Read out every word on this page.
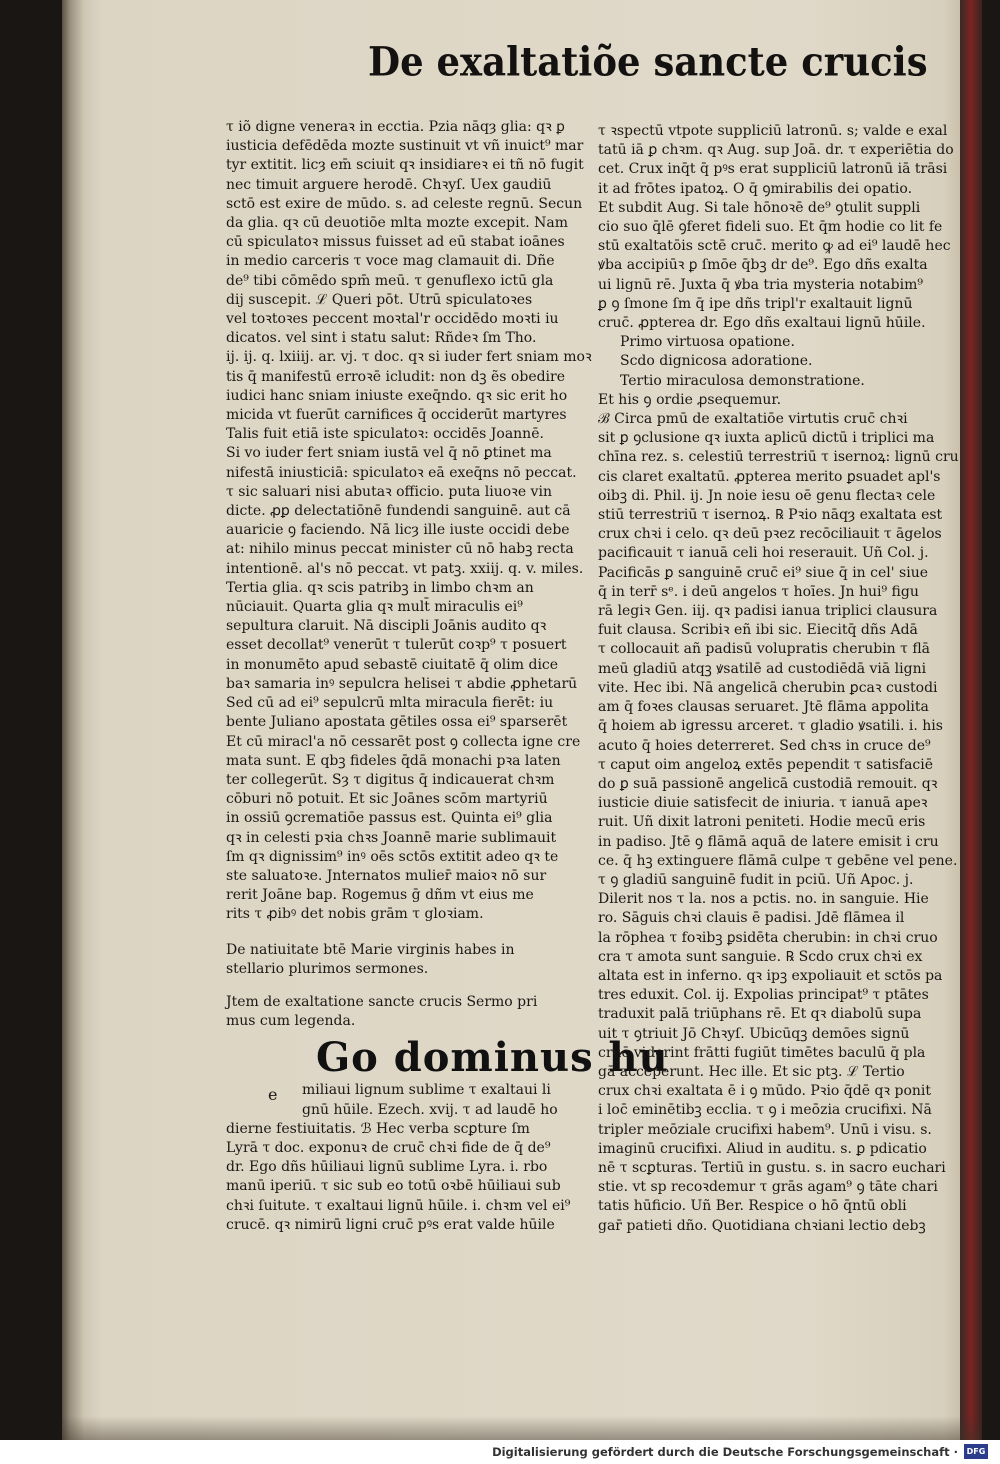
De exaltatiõe sancte crucis

τ iõ digne veneraꝛ in ecctia. Pzia nāqȝ glia: qꝛ ꝑ

iusticia defēdēda mozte sustinuit vt vñ inuict⁹ mar

tyr extitit. licȝ em̄ sciuit qꝛ insidiareꝛ ei tñ nō fugit

nec timuit arguere herodē. Chꝛyſ. Uex gaudiū

sctō est exire de mūdo. s. ad celeste regnū. Secun

da glia. qꝛ cū deuotiōe mlta mozte excepit. Nam

cū spiculatoꝛ missus fuisset ad eū stabat ioānes

in medio carceris τ voce mag clamauit di. Dñe

de⁹ tibi cōmēdo spm̄ meū. τ genuflexo ictū gla

dij suscepit. ℒ Queri pōt. Utrū spiculatoꝛes

vel toꝛtoꝛes peccent moꝛtal'r occidēdo moꝛti iu

dicatos. vel sint i statu salut: Rñdeꝛ ſm Tho.

ij. ij. q. lxiiij. ar. vj. τ doc. qꝛ si iuder fert sniam moꝛ

tis q̄ manifestū erroꝛē icludit: non dꝫ ẽs obedire

iudici hanc sniam iniuste exeq̄ndo. qꝛ sic erit ho

micida vt fuerūt carnifices q̄ occiderūt martyres

Talis fuit etiā iste spiculatoꝛ: occidēs Joannē.

Si vo iuder fert sniam iustā vel q̄ nō ꝑtinet ma

nifestā iniusticiā: spiculatoꝛ eā exeq̄ns nō peccat.

τ sic saluari nisi abutaꝛ officio. puta liuoꝛe vin

dicte. ꝓꝑ delectatiōnē fundendi sanguinē. aut cā

auaricie ꝯ faciendo. Nā licȝ ille iuste occidi debe

at: nihilo minus peccat minister cū nō habꝫ recta

intentionē. al's nō peccat. vt patꝫ. xxiij. q. v. miles.

Tertia glia. qꝛ scis patribꝫ in limbo chꝛm an

nūciauit. Quarta glia qꝛ mult̄ miraculis ei⁹

sepultura claruit. Nā discipli Joānis audito qꝛ

esset decollat⁹ venerūt τ tulerūt coꝛp⁹ τ posuert

in monumēto apud sebastē ciuitatē q̄ olim dice

baꝛ samaria inꝰ sepulcra helisei τ abdie ꝓphetarū

Sed cū ad ei⁹ sepulcrū mlta miracula fierēt: iu

bente Juliano apostata gētiles ossa ei⁹ sparserēt

Et cū miracl'a nō cessarēt post ꝯ collecta igne cre

mata sunt. E qbꝫ fideles q̄dā monachi pꝛa laten

ter collegerūt. Sȝ τ digitus q̄ indicauerat chꝛm

cōburi nō potuit. Et sic Joānes scōm martyriū

in ossiū ꝯcrematiōe passus est. Quinta ei⁹ glia

qꝛ in celesti pꝛia chꝛs Joannē marie sublimauit

ſm qꝛ dignissim⁹ inꝰ oēs sctōs extitit adeo qꝛ te

ste saluatoꝛe. Jnternatos mulier̄ maioꝛ nō sur

rerit Joāne bap. Rogemus ḡ dñm vt eius me

rits τ ꝓibꝰ det nobis grām τ gloꝛiam.

De natiuitate btē Marie virginis habes in

stellario plurimos sermones.

Jtem de exaltatione sancte crucis Sermo pri

mus cum legenda.

Go dominus hu

e	miliaui lignum sublime τ exaltaui li

gnū hūile. Ezech. xvij. τ ad laudē ho

dierne festiuitatis. ℬ Hec verba scꝑture ſm

Lyrā τ doc. exponuꝛ de cruc̄ chꝛi fide de q̄ de⁹

dr. Ego dñs hūiliaui lignū sublime Lyra. i. rbo

manū iperiū. τ sic sub eo totū oꝛbē hūiliaui sub

chꝛi ſuitute. τ exaltaui lignū hūile. i. chꝛm vel ei⁹

crucē. qꝛ nimirū ligni cruc̄ pꝰs erat valde hūile

τ ꝛspectū vtpote suppliciū latronū. s; valde e exal

tatū iā ꝑ chꝛm. qꝛ Aug. sup Joā. dr. τ experiētia do

cet. Crux inq̄t q̄ pꝰs erat suppliciū latronū iā trāsi

it ad frōtes ipatoꝝ. O q̄ ꝯmirabilis dei opatio.

Et subdit Aug. Si tale hōnoꝛē de⁹ ꝯtulit suppli

cio suo q̄lē ꝯferet fideli suo. Et q̄m hodie co lit fe

stū exaltatōis sctē cruc̄. merito ꝙ ad ei⁹ laudē hec

ꝟba accipiūꝛ ꝑ ſmōe q̄bꝫ dr de⁹. Ego dñs exalta

ui lignū rē. Juxta q̄ ꝟba tria mysteria notabim⁹

ꝑ ꝯ ſmone ſm q̄ ipe dñs tripl'r exaltauit lignū

cruc̄. ꝓpterea dr. Ego dñs exaltaui lignū hūile.

Primo virtuosa opatione.

Scdo dignicosa adoratione.

Tertio miraculosa demonstratione.

Et his ꝯ ordie ꝓsequemur.

ℬ Circa pmū de exaltatiōe virtutis cruc̄ chꝛi

sit ꝑ ꝯclusione qꝛ iuxta aplicū dictū i triplici ma

chīna rez. s. celestiū terrestriū τ isernoꝝ: lignū cru

cis claret exaltatū. ꝓpterea merito ꝑsuadet apl's

oibꝫ di. Phil. ij. Jn noie iesu oē genu flectaꝛ cele

stiū terrestriū τ isernoꝝ. ℞ Pꝛio nāqȝ exaltata est

crux chꝛi i celo. qꝛ deū pꝛez recōciliauit τ āgelos

pacificauit τ ianuā celi hoi reserauit. Uñ Col. j.

Pacificās ꝑ sanguinē cruc̄ ei⁹ siue q̄ in cel' siue

q̄ in terr̄ sᵉ. i deū angelos τ hoīes. Jn hui⁹ figu

rā legiꝛ Gen. iij. qꝛ padisi ianua triplici clausura

fuit clausa. Scribiꝛ eñ ibi sic. Eiecitq̄ dñs Adā

τ collocauit añ padisū volupratis cherubin τ flā

meū gladiū atqꝫ ꝟsatilē ad custodiēdā viā ligni

vite. Hec ibi. Nā angelicā cherubin ꝑcaꝛ custodi

am q̄ foꝛes clausas seruaret. Jtē flāma appolita

q̄ hoiem ab igressu arceret. τ gladio ꝟsatili. i. his

acuto q̄ hoies deterreret. Sed chꝛs in cruce de⁹

τ caput oim angeloꝝ extēs pependit τ satisfaciē

do ꝑ suā passionē angelicā custodiā remouit. qꝛ

iusticie diuie satisfecit de iniuria. τ ianuā apeꝛ

ruit. Uñ dixit latroni peniteti. Hodie mecū eris

in padiso. Jtē ꝯ flāmā aquā de latere emisit i cru

ce. q̄ hꝫ extinguere flāmā culpe τ gebēne vel pene.

τ ꝯ gladiū sanguinē fudit in pciū. Uñ Apoc. j.

Dilerit nos τ la. nos a pctis. no. in sanguie. Hie

ro. Sāguis chꝛi clauis ē padisi. Jdē flāmea il

la rōphea τ foꝛibꝫ ꝑsidēta cherubin: in chꝛi cruo

cra τ amota sunt sanguie. ℞ Scdo crux chꝛi ex

altata est in inferno. qꝛ ipꝫ expoliauit et sctōs pa

tres eduxit. Col. ij. Expolias principat⁹ τ ptātes

traduxit palā triūphans rē. Et qꝛ diabolū supa

uit τ ꝯtriuit Jō Chꝛyſ. Ubicūqꝫ demōes signū

cruc̄ viderint frātti fugiūt timētes baculū q̄ pla

gā acceperunt. Hec ille. Et sic ptꝫ. ℒ Tertio

crux chꝛi exaltata ē i ꝯ mūdo. Pꝛio q̄dē qꝛ ponit

i loc̄ eminētibꝫ ecclia. τ ꝯ i meōzia crucifixi. Nā

tripler meōziale crucifixi habem⁹. Unū i visu. s.

imaginū crucifixi. Aliud in auditu. s. ꝑ pdicatio

nē τ scꝑturas. Tertiū in gustu. s. in sacro euchari

stie. vt sp recoꝛdemur τ grās agam⁹ ꝯ tāte chari

tatis hūficio. Uñ Ber. Respice o hō q̄ntū obli

gar̄ patieti dño. Quotidiana chꝛiani lectio debꝫ

Digitalisierung gefördert durch die Deutsche Forschungsgemeinschaft ·	DFG
